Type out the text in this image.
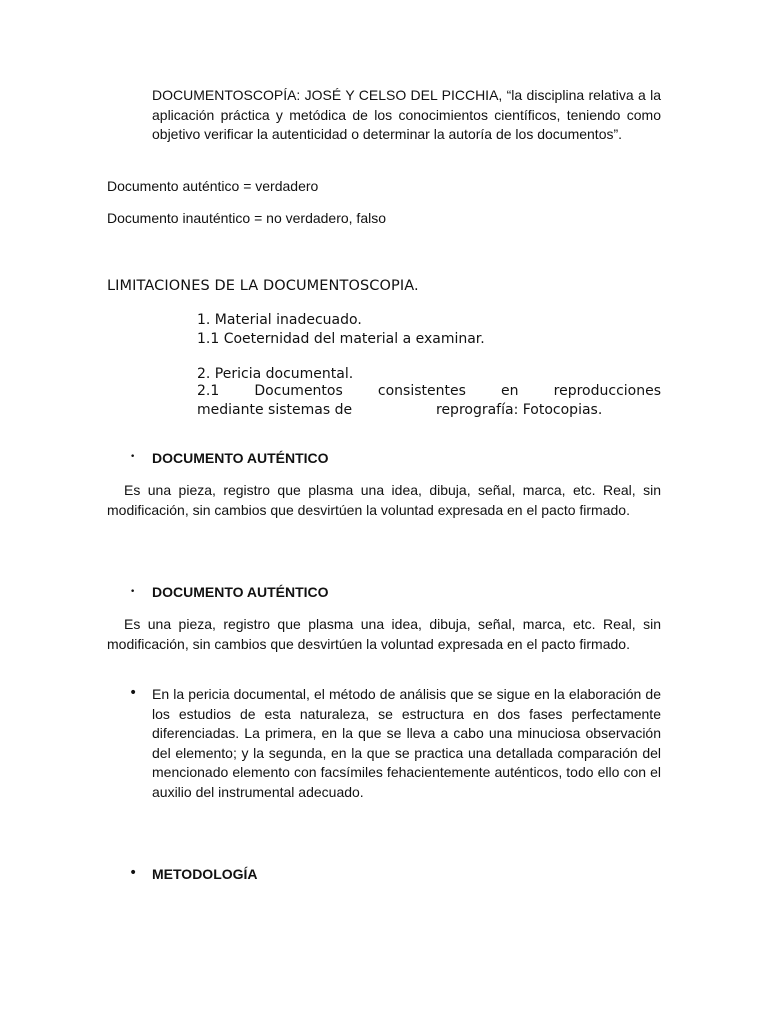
DOCUMENTOSCOPÍA: JOSÉ Y CELSO DEL PICCHIA, “la disciplina relativa a la aplicación práctica y metódica de los conocimientos científicos, teniendo como objetivo verificar la autenticidad o determinar la autoría de los documentos”.

Documento auténtico = verdadero

Documento inauténtico = no verdadero, falso

LIMITACIONES DE LA DOCUMENTOSCOPIA.
1. Material inadecuado.
1.1 Coeternidad del material a examinar.
2. Pericia documental.
2.1 Documentos consistentes en reproducciones
mediante sistemas de	reprografía: Fotocopias.
• DOCUMENTO AUTÉNTICO

Es una pieza, registro que plasma una idea, dibuja, señal, marca, etc. Real, sin modificación, sin cambios que desvirtúen la voluntad expresada en el pacto firmado.

• DOCUMENTO AUTÉNTICO

Es una pieza, registro que plasma una idea, dibuja, señal, marca, etc. Real, sin modificación, sin cambios que desvirtúen la voluntad expresada en el pacto firmado.

• En la pericia documental, el método de análisis que se sigue en la elaboración de los estudios de esta naturaleza, se estructura en dos fases perfectamente diferenciadas. La primera, en la que se lleva a cabo una minuciosa observación del elemento; y la segunda, en la que se practica una detallada comparación del mencionado elemento con facsímiles fehacientemente auténticos, todo ello con el auxilio del instrumental adecuado.

• METODOLOGÍA
